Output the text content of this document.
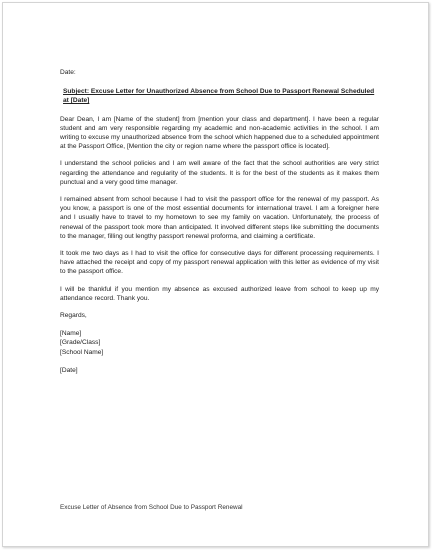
Date:

Subject: Excuse Letter for Unauthorized Absence from School Due to Passport Renewal Scheduled at [Date]

Dear Dean, I am [Name of the student] from [mention your class and department]. I have been a regular student and am very responsible regarding my academic and non-academic activities in the school. I am writing to excuse my unauthorized absence from the school which happened due to a scheduled appointment at the Passport Office, [Mention the city or region name where the passport office is located].

I understand the school policies and I am well aware of the fact that the school authorities are very strict regarding the attendance and regularity of the students. It is for the best of the students as it makes them punctual and a very good time manager.

I remained absent from school because I had to visit the passport office for the renewal of my passport. As you know, a passport is one of the most essential documents for international travel. I am a foreigner here and I usually have to travel to my hometown to see my family on vacation. Unfortunately, the process of renewal of the passport took more than anticipated. It involved different steps like submitting the documents to the manager, filling out lengthy passport renewal proforma, and claiming a certificate.

It took me two days as I had to visit the office for consecutive days for different processing requirements. I have attached the receipt and copy of my passport renewal application with this letter as evidence of my visit to the passport office.

I will be thankful if you mention my absence as excused authorized leave from school to keep up my attendance record. Thank you.

Regards,

[Name]

[Grade/Class]

[School Name]

[Date]

Excuse Letter of Absence from School Due to Passport Renewal
